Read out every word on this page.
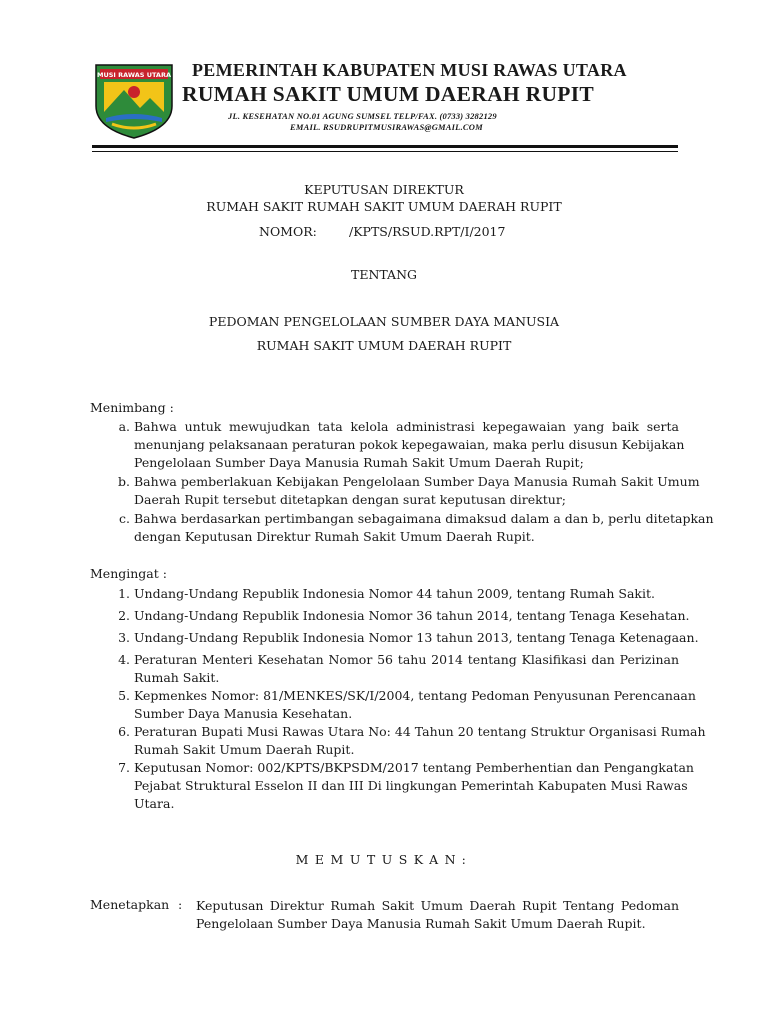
MUSI RAWAS UTARA PEMERINTAH KABUPATEN MUSI RAWAS UTARA
RUMAH SAKIT UMUM DAERAH RUPIT
JL. KESEHATAN NO.01 AGUNG SUMSEL TELP/FAX. (0733) 3282129
EMAIL. RSUDRUPITMUSIRAWAS@GMAIL.COM
KEPUTUSAN DIREKTUR
RUMAH SAKIT RUMAH SAKIT UMUM DAERAH RUPIT
NOMOR:	/KPTS/RSUD.RPT/I/2017
TENTANG
PEDOMAN PENGELOLAAN SUMBER DAYA MANUSIA
RUMAH SAKIT UMUM DAERAH RUPIT
Menimbang :
a. Bahwa untuk mewujudkan tata kelola administrasi kepegawaian yang baik serta
menunjang pelaksanaan peraturan pokok kepegawaian, maka perlu disusun Kebijakan
Pengelolaan Sumber Daya Manusia Rumah Sakit Umum Daerah Rupit;
b. Bahwa pemberlakuan Kebijakan Pengelolaan Sumber Daya Manusia Rumah Sakit Umum
Daerah Rupit tersebut ditetapkan dengan surat keputusan direktur;
c. Bahwa berdasarkan pertimbangan sebagaimana dimaksud dalam a dan b, perlu ditetapkan
dengan Keputusan Direktur Rumah Sakit Umum Daerah Rupit.
Mengingat :
1. Undang-Undang Republik Indonesia Nomor 44 tahun 2009, tentang Rumah Sakit.
2. Undang-Undang Republik Indonesia Nomor 36 tahun 2014, tentang Tenaga Kesehatan.
3. Undang-Undang Republik Indonesia Nomor 13 tahun 2013, tentang Tenaga Ketenagaan.
4. Peraturan Menteri Kesehatan Nomor 56 tahu 2014 tentang Klasifikasi dan Perizinan
Rumah Sakit.
5. Kepmenkes Nomor: 81/MENKES/SK/I/2004, tentang Pedoman Penyusunan Perencanaan
Sumber Daya Manusia Kesehatan.
6. Peraturan Bupati Musi Rawas Utara No: 44 Tahun 20 tentang Struktur Organisasi Rumah
Rumah Sakit Umum Daerah Rupit.
7. Keputusan Nomor: 002/KPTS/BKPSDM/2017 tentang Pemberhentian dan Pengangkatan
Pejabat Struktural Esselon II dan III Di lingkungan Pemerintah Kabupaten Musi Rawas
Utara.
MEMUTUSKAN:
Menetapkan : Keputusan Direktur Rumah Sakit Umum Daerah Rupit Tentang Pedoman
Pengelolaan Sumber Daya Manusia Rumah Sakit Umum Daerah Rupit.
